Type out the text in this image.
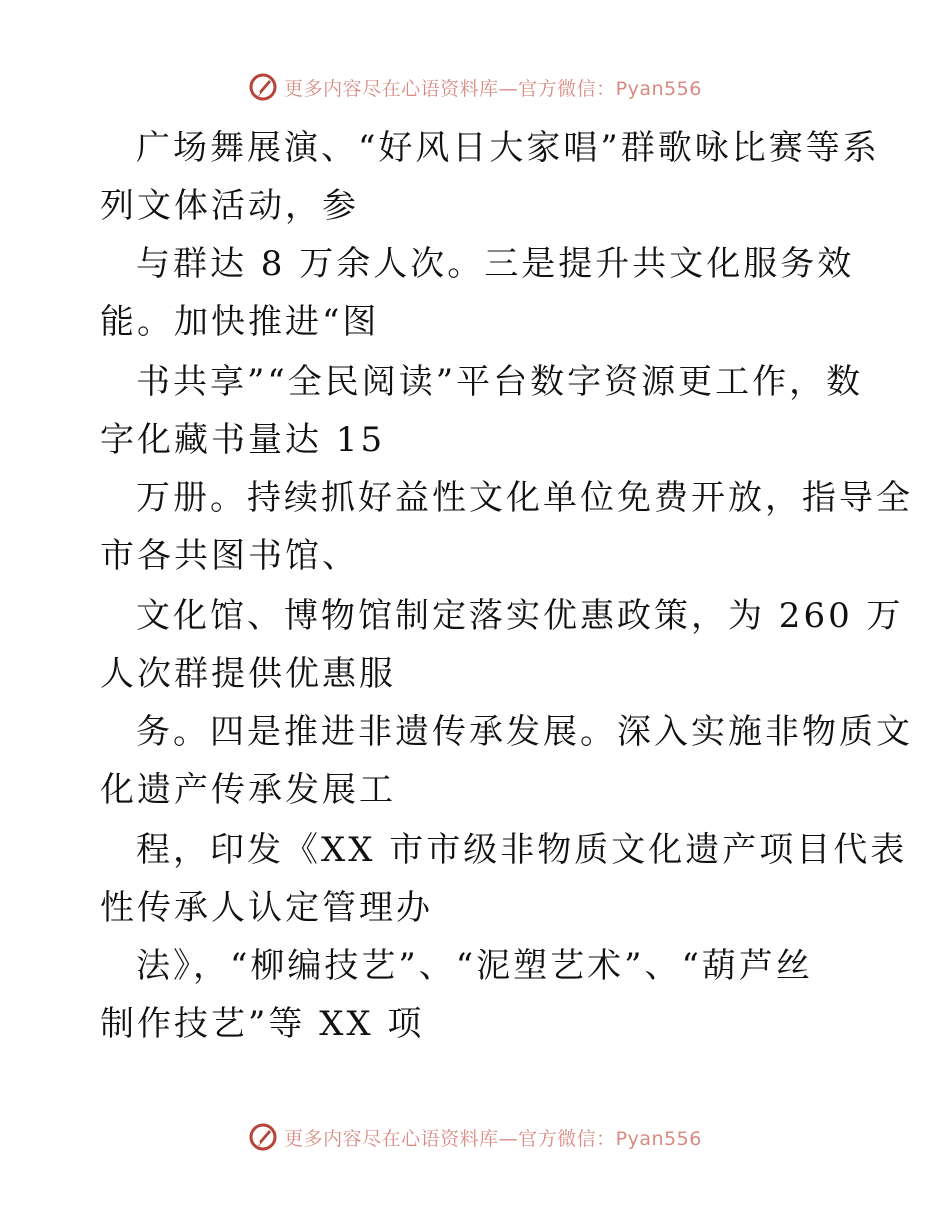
更多内容尽在心语资料库—官方微信：Pyan556
广场舞展演、“好风日大家唱”群歌咏比赛等系
列文体活动，参
与群达 8 万余人次。三是提升共文化服务效
能。加快推进“图
书共享”“全民阅读”平台数字资源更工作，数
字化藏书量达 15
万册。持续抓好益性文化单位免费开放，指导全
市各共图书馆、
文化馆、博物馆制定落实优惠政策，为 260 万
人次群提供优惠服
务。四是推进非遗传承发展。深入实施非物质文
化遗产传承发展工
程，印发《XX 市市级非物质文化遗产项目代表
性传承人认定管理办
法》，“柳编技艺”、“泥塑艺术”、“葫芦丝
制作技艺”等 XX 项
更多内容尽在心语资料库—官方微信：Pyan556
